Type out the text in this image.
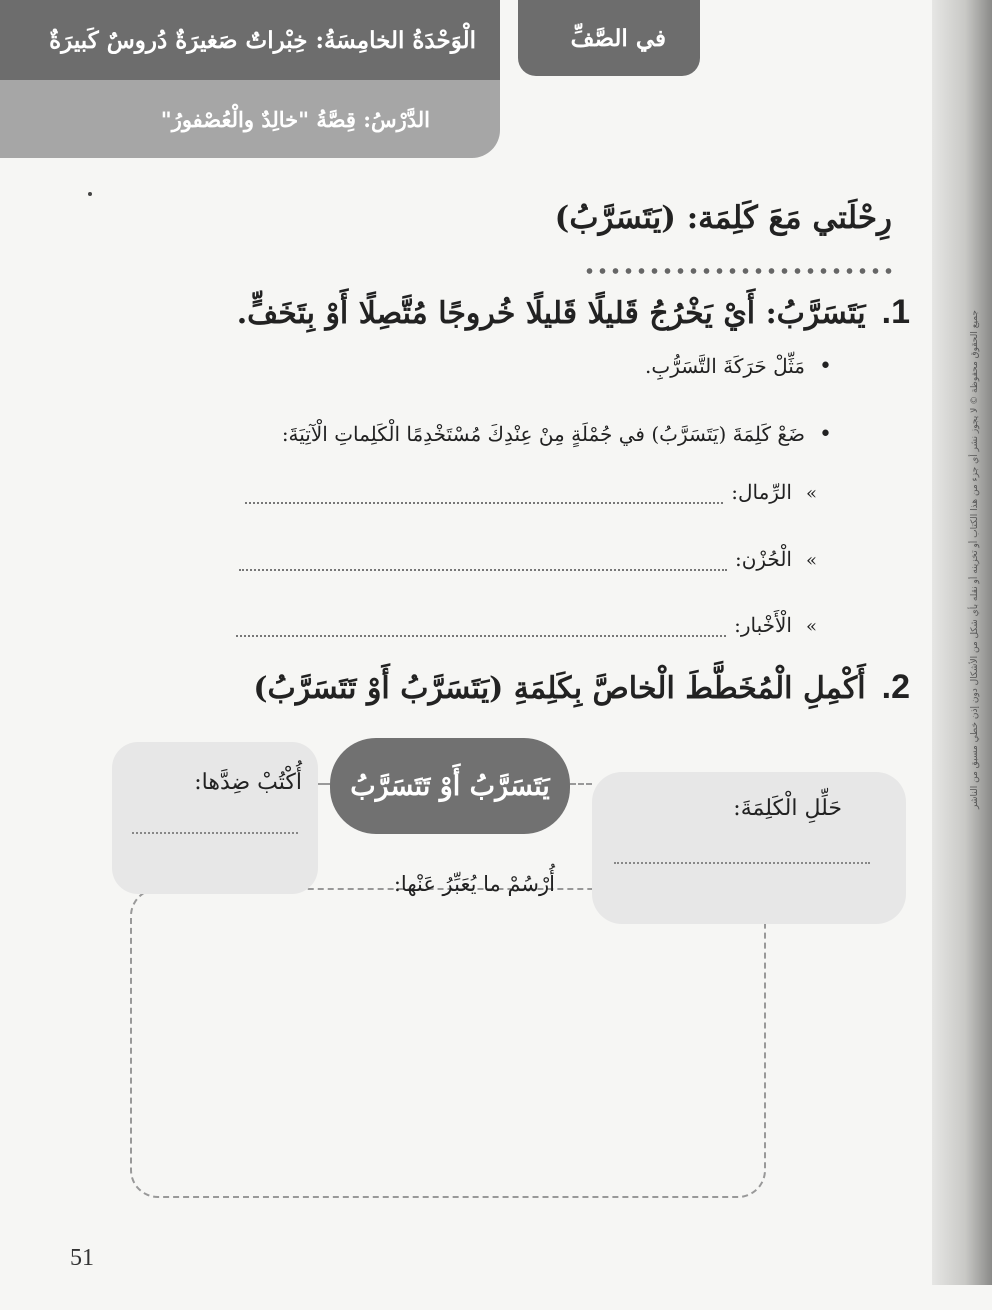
جميع الحقوق محفوظة © لا يجوز نشر أي جزء من هذا الكتاب أو تخزينه أو نقله بأي شكل من الأشكال دون إذن خطي مسبق من الناشر
الْوَحْدَةُ الخامِسَةُ: خِبْراتٌ صَغيرَةٌ دُروسٌ كَبيرَةٌ
الدَّرْسُ: قِصَّةُ "خالِدٌ والْعُصْفورُ"
في الصَّفِّ
رِحْلَتي مَعَ كَلِمَة: (يَتَسَرَّبُ)
1.يَتَسَرَّبُ: أَيْ يَخْرُجُ قَليلًا قَليلًا خُروجًا مُتَّصِلًا أَوْ بِتَخَفٍّ.
• مَثِّلْ حَرَكَةَ التَّسَرُّبِ.
• ضَعْ كَلِمَةَ (يَتَسَرَّبُ) في جُمْلَةٍ مِنْ عِنْدِكَ مُسْتَخْدِمًا الْكَلِماتِ الْآتِيَةَ:
»
الرِّمال:
»
الْحُزْن:
»
الْأَخْبار:
2.أَكْمِلِ الْمُخَطَّطَ الْخاصَّ بِكَلِمَةِ (يَتَسَرَّبُ أَوْ تَتَسَرَّبُ)
حَلِّلِ الْكَلِمَةَ:
أُكْتُبْ ضِدَّها: يَتَسَرَّبُ أَوْ تَتَسَرَّبُ
أُرْسُمْ ما يُعَبِّرُ عَنْها:
51
